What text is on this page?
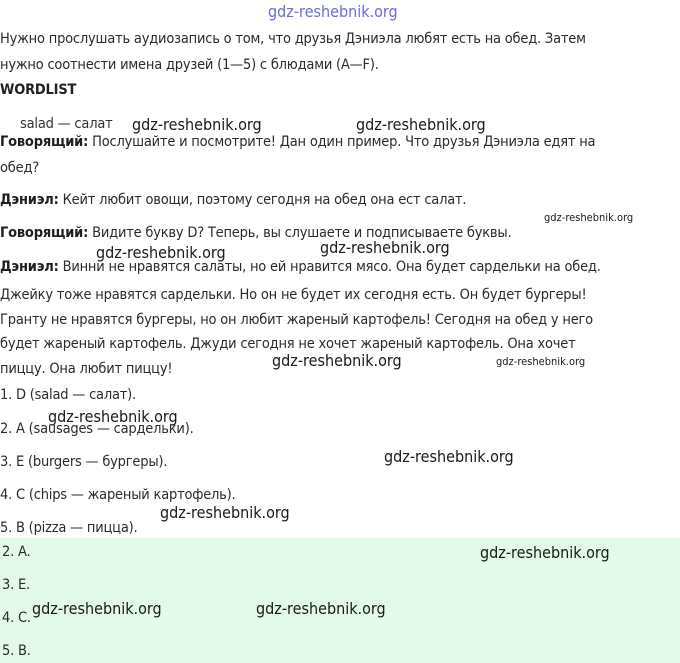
gdz-reshebnik.org
Нужно прослушать аудиозапись о том, что друзья Дэниэла любят есть на обед. Затем
нужно соотнести имена друзей (1—5) с блюдами (A—F).
WORDLIST
salad — салат
Говорящий: Послушайте и посмотрите! Дан один пример. Что друзья Дэниэла едят на
обед?
Дэниэл: Кейт любит овощи, поэтому сегодня на обед она ест салат.
Говорящий: Видите букву D? Теперь, вы слушаете и подписываете буквы.
Дэниэл: Винни не нравятся салаты, но ей нравится мясо. Она будет сардельки на обед.
Джейку тоже нравятся сардельки. Но он не будет их сегодня есть. Он будет бургеры!
Гранту не нравятся бургеры, но он любит жареный картофель! Сегодня на обед у него
будет жареный картофель. Джуди сегодня не хочет жареный картофель. Она хочет
пиццу. Она любит пиццу!
1. D (salad — салат).
2. A (sausages — сардельки).
3. E (burgers — бургеры).
4. C (chips — жареный картофель).
5. B (pizza — пицца).
2. A.
3. E.
4. C.
5. B.
gdz-reshebnik.org	gdz-reshebnik.org
gdz-reshebnik.org
gdz-reshebnik.org	gdz-reshebnik.org
gdz-reshebnik.org	gdz-reshebnik.org
gdz-reshebnik.org
gdz-reshebnik.org
gdz-reshebnik.org
gdz-reshebnik.org
gdz-reshebnik.org	gdz-reshebnik.org
